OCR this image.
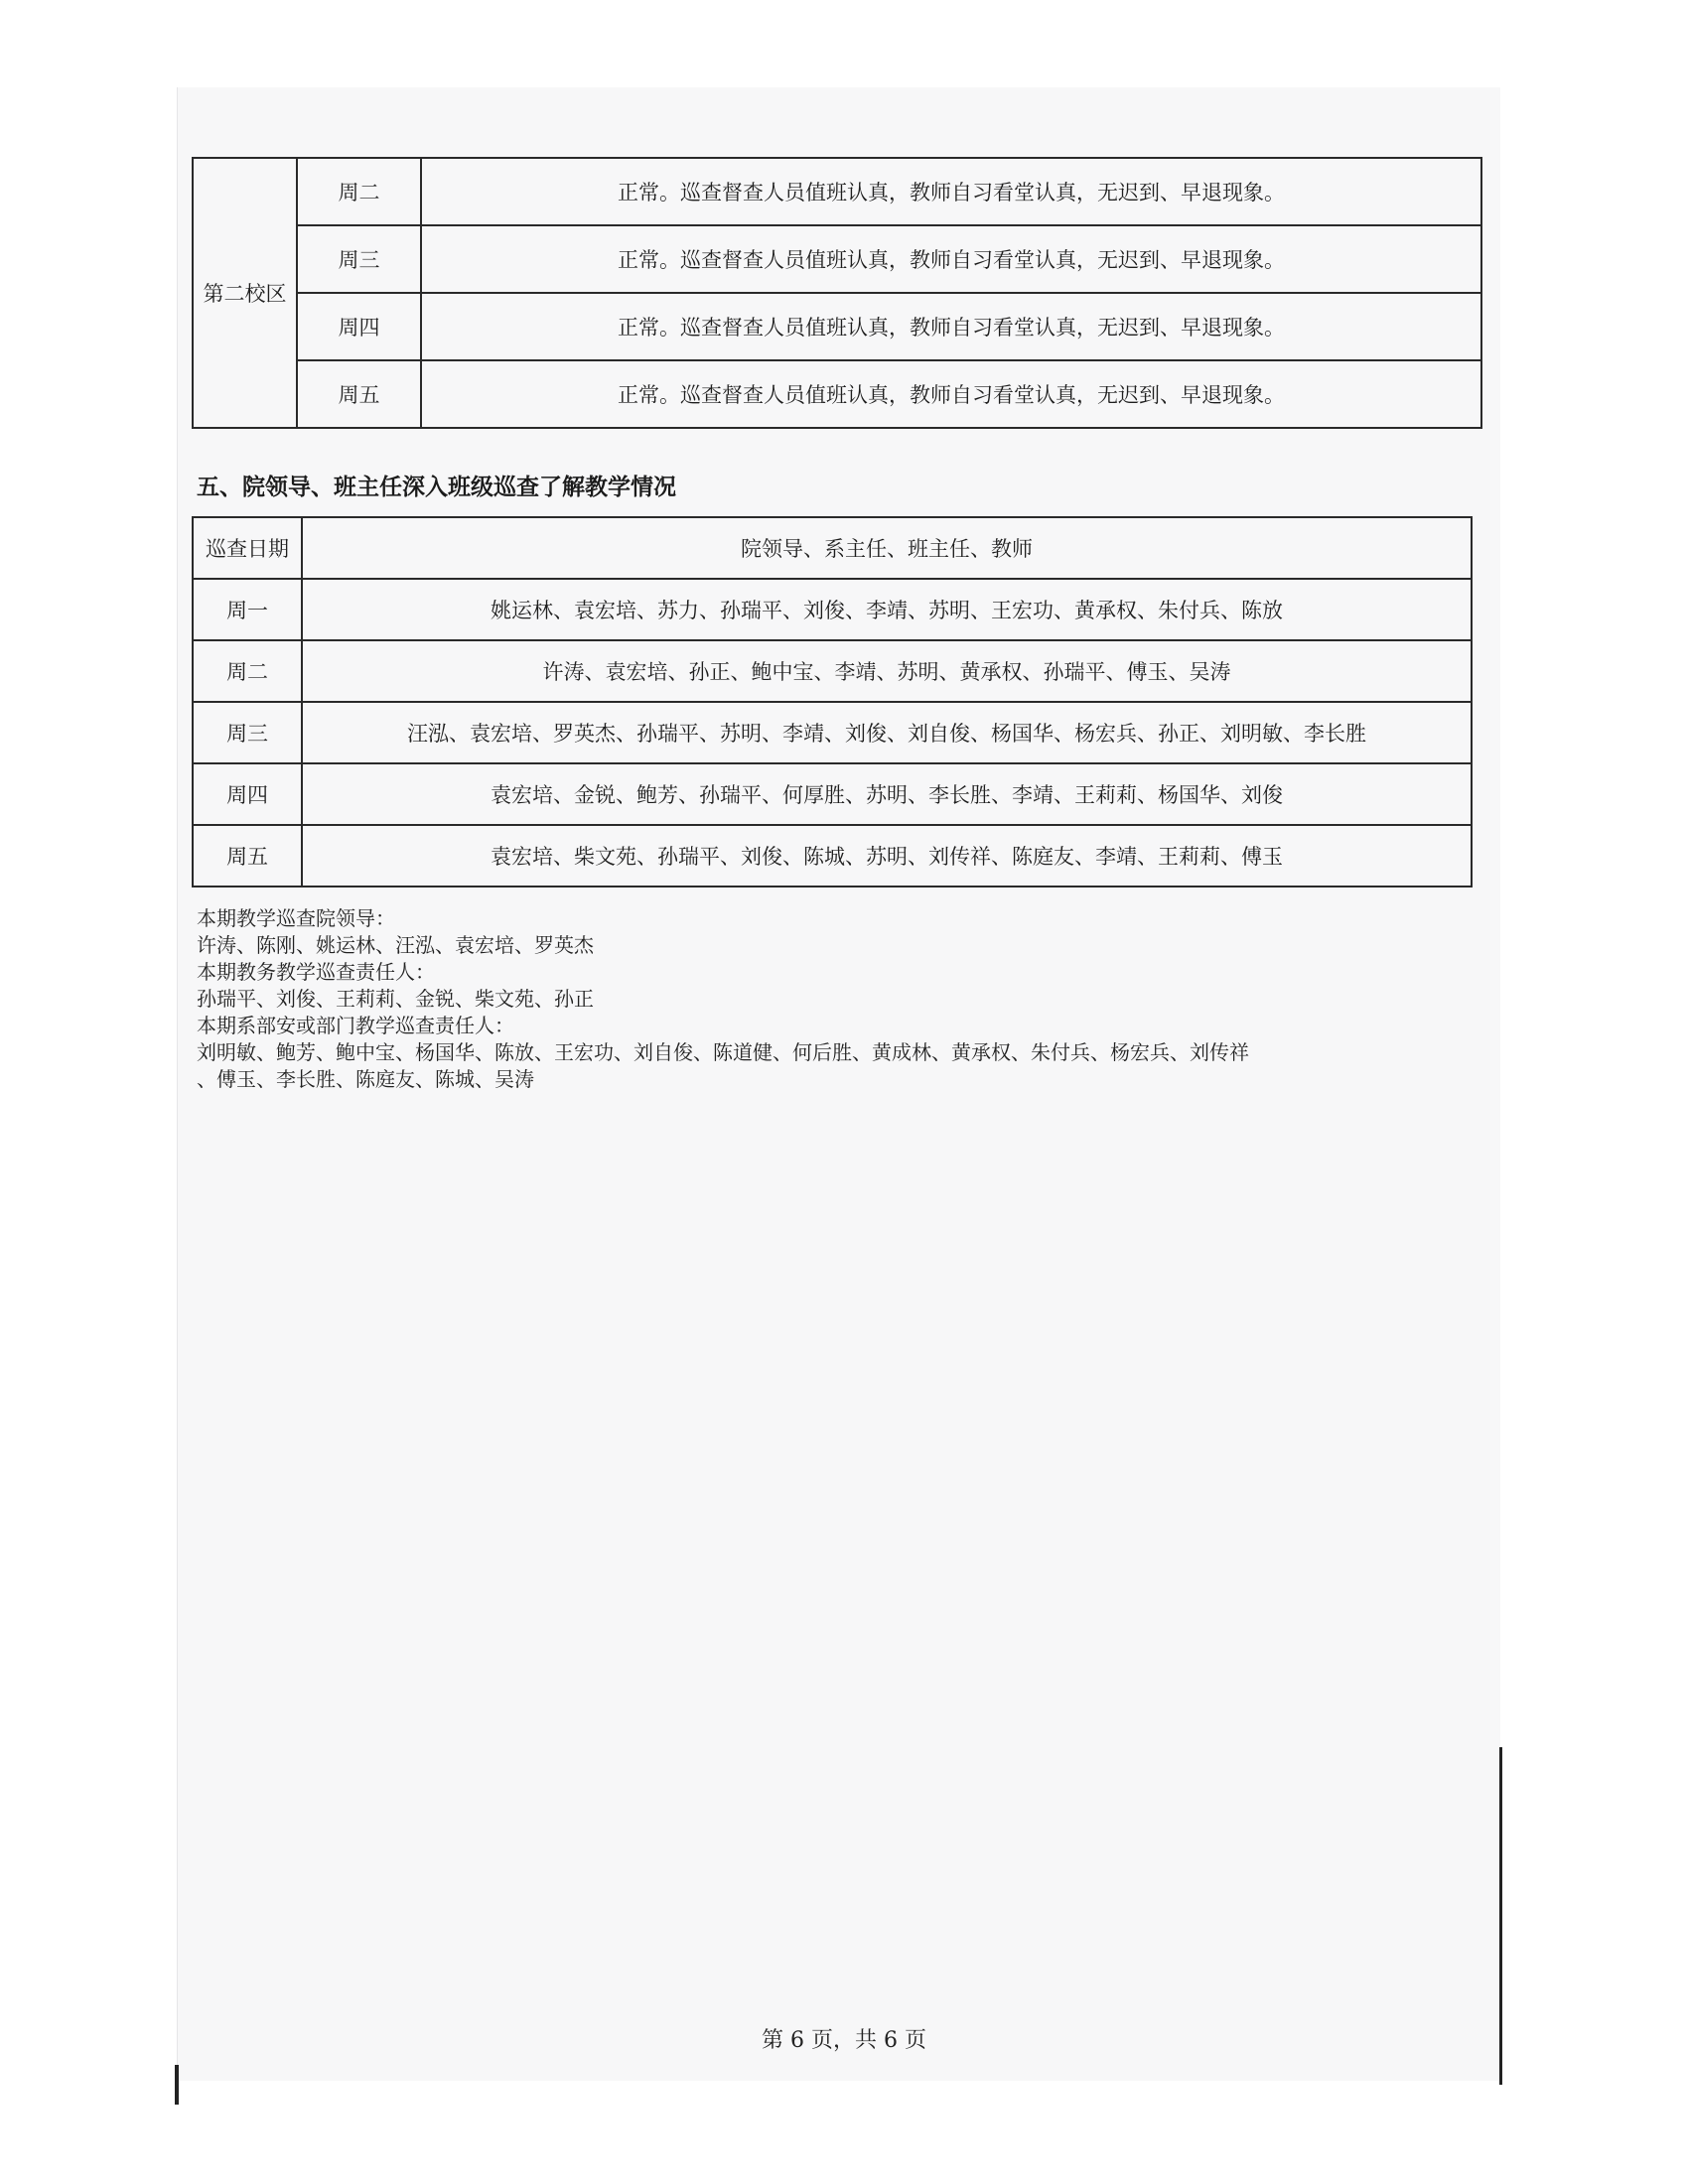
第二校区	周二	正常。巡查督查人员值班认真，教师自习看堂认真，无迟到、早退现象。
	周三	正常。巡查督查人员值班认真，教师自习看堂认真，无迟到、早退现象。
	周四	正常。巡查督查人员值班认真，教师自习看堂认真，无迟到、早退现象。
	周五	正常。巡查督查人员值班认真，教师自习看堂认真，无迟到、早退现象。
五、院领导、班主任深入班级巡查了解教学情况
巡查日期	院领导、系主任、班主任、教师
周一	姚运林、袁宏培、苏力、孙瑞平、刘俊、李靖、苏明、王宏功、黄承权、朱付兵、陈放
周二	许涛、袁宏培、孙正、鲍中宝、李靖、苏明、黄承权、孙瑞平、傅玉、吴涛
周三	汪泓、袁宏培、罗英杰、孙瑞平、苏明、李靖、刘俊、刘自俊、杨国华、杨宏兵、孙正、刘明敏、李长胜
周四	袁宏培、金锐、鲍芳、孙瑞平、何厚胜、苏明、李长胜、李靖、王莉莉、杨国华、刘俊
周五	袁宏培、柴文苑、孙瑞平、刘俊、陈城、苏明、刘传祥、陈庭友、李靖、王莉莉、傅玉
本期教学巡查院领导：
许涛、陈刚、姚运林、汪泓、袁宏培、罗英杰
本期教务教学巡查责任人：
孙瑞平、刘俊、王莉莉、金锐、柴文苑、孙正
本期系部安或部门教学巡查责任人：
刘明敏、鲍芳、鲍中宝、杨国华、陈放、王宏功、刘自俊、陈道健、何后胜、黄成林、黄承权、朱付兵、杨宏兵、刘传祥
、傅玉、李长胜、陈庭友、陈城、吴涛
第 6 页，共 6 页
